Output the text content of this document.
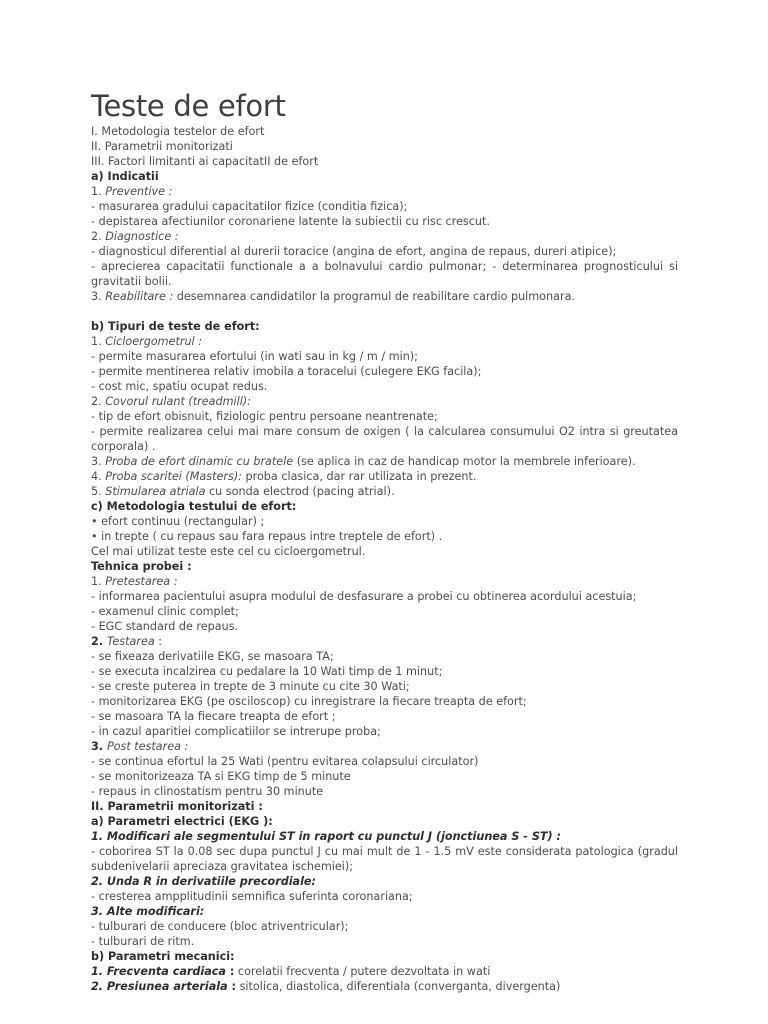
Teste de efort
I. Metodologia testelor de efort
II. Parametrii monitorizati
III. Factori limitanti ai capacitatII de efort
a) Indicatii
1. Preventive :
- masurarea gradului capacitatilor fizice (conditia fizica);
- depistarea afectiunilor coronariene latente la subiectii cu risc crescut.
2. Diagnostice :
- diagnosticul diferential al durerii toracice (angina de efort, angina de repaus, dureri atipice);
- aprecierea capacitatii functionale a a bolnavului cardio pulmonar; - determinarea prognosticului si gravitatii bolii.
3. Reabilitare : desemnarea candidatilor la programul de reabilitare cardio pulmonara.
b) Tipuri de teste de efort:
1. Cicloergometrul :
- permite masurarea efortului (in wati sau in kg / m / min);
- permite mentinerea relativ imobila a toracelui (culegere EKG facila);
- cost mic, spatiu ocupat redus.
2. Covorul rulant (treadmill):
- tip de efort obisnuit, fiziologic pentru persoane neantrenate;
- permite realizarea celui mai mare consum de oxigen ( la calcularea consumului O2 intra si greutatea corporala) .
3. Proba de efort dinamic cu bratele (se aplica in caz de handicap motor la membrele inferioare).
4. Proba scaritei (Masters): proba clasica, dar rar utilizata in prezent.
5. Stimularea atriala cu sonda electrod (pacing atrial).
c) Metodologia testului de efort:
• efort continuu (rectangular) ;
• in trepte ( cu repaus sau fara repaus intre treptele de efort) .
Cel mai utilizat teste este cel cu cicloergometrul.
Tehnica probei :
1. Pretestarea :
- informarea pacientului asupra modului de desfasurare a probei cu obtinerea acordului acestuia;
- examenul clinic complet;
- EGC standard de repaus.
2. Testarea :
- se fixeaza derivatiile EKG, se masoara TA;
- se executa incalzirea cu pedalare la 10 Wati timp de 1 minut;
- se creste puterea in trepte de 3 minute cu cite 30 Wati;
- monitorizarea EKG (pe osciloscop) cu inregistrare la fiecare treapta de efort;
- se masoara TA la fiecare treapta de efort ;
- in cazul aparitiei complicatiilor se intrerupe proba;
3. Post testarea :
- se continua efortul la 25 Wati (pentru evitarea colapsului circulator)
- se monitorizeaza TA si EKG timp de 5 minute
- repaus in clinostatism pentru 30 minute
II. Parametrii monitorizati :
a) Parametri electrici (EKG ):
1. Modificari ale segmentului ST in raport cu punctul J (jonctiunea S - ST) :
- coborirea ST la 0.08 sec dupa punctul J cu mai mult de 1 - 1.5 mV este considerata patologica (gradul subdenivelarii apreciaza gravitatea ischemiei);
2. Unda R in derivatiile precordiale:
- cresterea ampplitudinii semnifica suferinta coronariana;
3. Alte modificari:
- tulburari de conducere (bloc atriventricular);
- tulburari de ritm.
b) Parametri mecanici:
1. Frecventa cardiaca : corelatii frecventa / putere dezvoltata in wati
2. Presiunea arteriala : sitolica, diastolica, diferentiala (converganta, divergenta)
